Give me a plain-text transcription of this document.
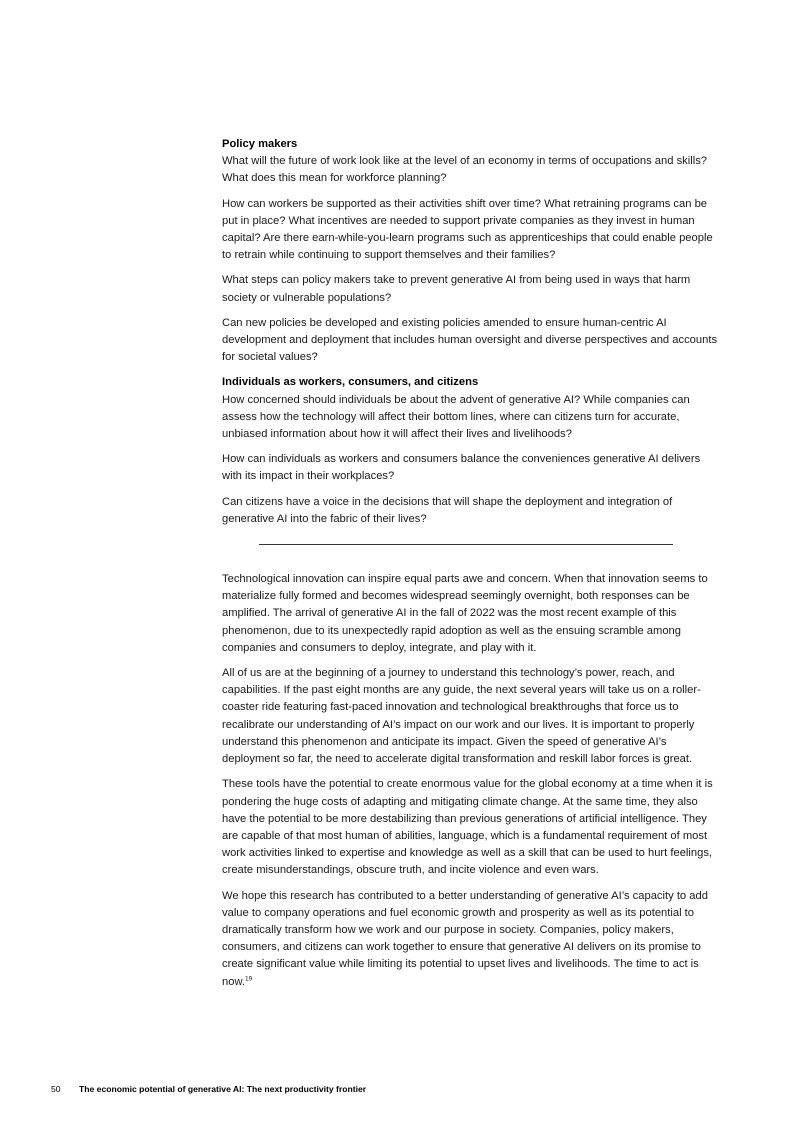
Policy makers

What will the future of work look like at the level of an economy in terms of occupations and skills? What does this mean for workforce planning?

How can workers be supported as their activities shift over time? What retraining programs can be put in place? What incentives are needed to support private companies as they invest in human capital? Are there earn-while-you-learn programs such as apprenticeships that could enable people to retrain while continuing to support themselves and their families?

What steps can policy makers take to prevent generative AI from being used in ways that harm society or vulnerable populations?

Can new policies be developed and existing policies amended to ensure human-centric AI development and deployment that includes human oversight and diverse perspectives and accounts for societal values?

Individuals as workers, consumers, and citizens

How concerned should individuals be about the advent of generative AI? While companies can assess how the technology will affect their bottom lines, where can citizens turn for accurate, unbiased information about how it will affect their lives and livelihoods?

How can individuals as workers and consumers balance the conveniences generative AI delivers with its impact in their workplaces?

Can citizens have a voice in the decisions that will shape the deployment and integration of generative AI into the fabric of their lives?

Technological innovation can inspire equal parts awe and concern. When that innovation seems to materialize fully formed and becomes widespread seemingly overnight, both responses can be amplified. The arrival of generative AI in the fall of 2022 was the most recent example of this phenomenon, due to its unexpectedly rapid adoption as well as the ensuing scramble among companies and consumers to deploy, integrate, and play with it.

All of us are at the beginning of a journey to understand this technology’s power, reach, and capabilities. If the past eight months are any guide, the next several years will take us on a roller-coaster ride featuring fast-paced innovation and technological breakthroughs that force us to recalibrate our understanding of AI’s impact on our work and our lives. It is important to properly understand this phenomenon and anticipate its impact. Given the speed of generative AI’s deployment so far, the need to accelerate digital transformation and reskill labor forces is great.

These tools have the potential to create enormous value for the global economy at a time when it is pondering the huge costs of adapting and mitigating climate change. At the same time, they also have the potential to be more destabilizing than previous generations of artificial intelligence. They are capable of that most human of abilities, language, which is a fundamental requirement of most work activities linked to expertise and knowledge as well as a skill that can be used to hurt feelings, create misunderstandings, obscure truth, and incite violence and even wars.

We hope this research has contributed to a better understanding of generative AI’s capacity to add value to company operations and fuel economic growth and prosperity as well as its potential to dramatically transform how we work and our purpose in society. Companies, policy makers, consumers, and citizens can work together to ensure that generative AI delivers on its promise to create significant value while limiting its potential to upset lives and livelihoods. The time to act is now.$^{19}$

50 The economic potential of generative AI: The next productivity frontier
